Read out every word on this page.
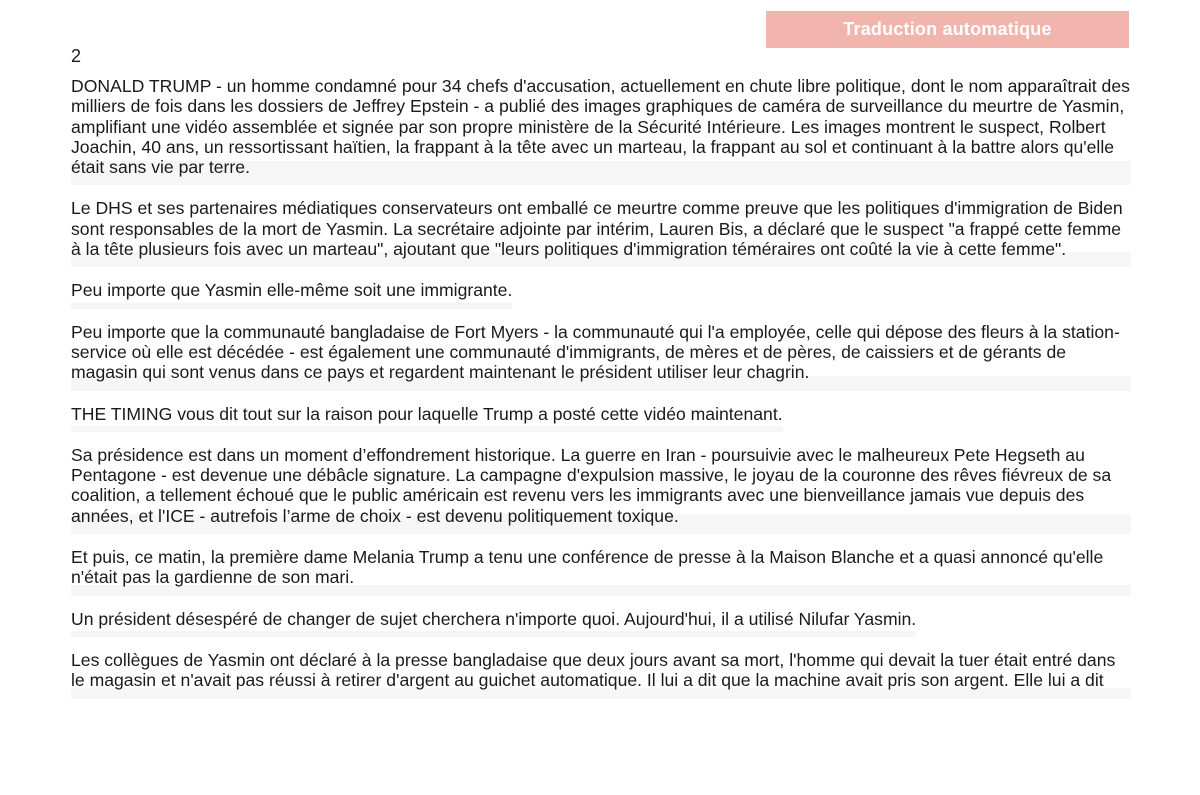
Traduction automatique
2
DONALD TRUMP - un homme condamné pour 34 chefs d'accusation, actuellement en chute libre politique, dont le nom apparaîtrait des milliers de fois dans les dossiers de Jeffrey Epstein - a publié des images graphiques de caméra de surveillance du meurtre de Yasmin, amplifiant une vidéo assemblée et signée par son propre ministère de la Sécurité Intérieure. Les images montrent le suspect, Rolbert Joachin, 40 ans, un ressortissant haïtien, la frappant à la tête avec un marteau, la frappant au sol et continuant à la battre alors qu'elle était sans vie par terre.
Le DHS et ses partenaires médiatiques conservateurs ont emballé ce meurtre comme preuve que les politiques d'immigration de Biden sont responsables de la mort de Yasmin. La secrétaire adjointe par intérim, Lauren Bis, a déclaré que le suspect "a frappé cette femme à la tête plusieurs fois avec un marteau", ajoutant que "leurs politiques d'immigration téméraires ont coûté la vie à cette femme".
Peu importe que Yasmin elle-même soit une immigrante.
Peu importe que la communauté bangladaise de Fort Myers - la communauté qui l'a employée, celle qui dépose des fleurs à la station-service où elle est décédée - est également une communauté d'immigrants, de mères et de pères, de caissiers et de gérants de magasin qui sont venus dans ce pays et regardent maintenant le président utiliser leur chagrin.
THE TIMING vous dit tout sur la raison pour laquelle Trump a posté cette vidéo maintenant.
Sa présidence est dans un moment d’effondrement historique. La guerre en Iran - poursuivie avec le malheureux Pete Hegseth au Pentagone - est devenue une débâcle signature. La campagne d'expulsion massive, le joyau de la couronne des rêves fiévreux de sa coalition, a tellement échoué que le public américain est revenu vers les immigrants avec une bienveillance jamais vue depuis des années, et l'ICE - autrefois l’arme de choix - est devenu politiquement toxique.
Et puis, ce matin, la première dame Melania Trump a tenu une conférence de presse à la Maison Blanche et a quasi annoncé qu'elle n'était pas la gardienne de son mari.
Un président désespéré de changer de sujet cherchera n'importe quoi. Aujourd'hui, il a utilisé Nilufar Yasmin.
Les collègues de Yasmin ont déclaré à la presse bangladaise que deux jours avant sa mort, l'homme qui devait la tuer était entré dans le magasin et n'avait pas réussi à retirer d'argent au guichet automatique. Il lui a dit que la machine avait pris son argent. Elle lui a dit
